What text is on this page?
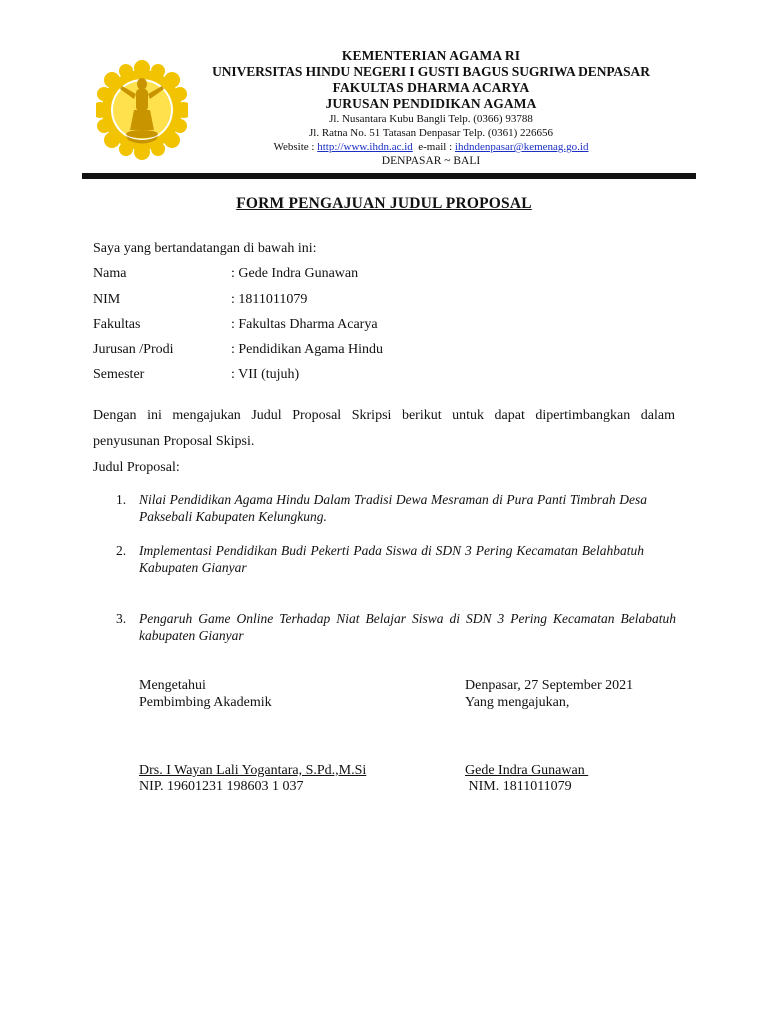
KEMENTERIAN AGAMA RI
UNIVERSITAS HINDU NEGERI I GUSTI BAGUS SUGRIWA DENPASAR
FAKULTAS DHARMA ACARYA
JURUSAN PENDIDIKAN AGAMA
Jl. Nusantara Kubu Bangli Telp. (0366) 93788
Jl. Ratna No. 51 Tatasan Denpasar Telp. (0361) 226656
Website : http://www.ihdn.ac.id  e-mail : ihdndenpasar@kemenag.go.id
DENPASAR ~ BALI
FORM PENGAJUAN JUDUL PROPOSAL
Saya yang bertandatangan di bawah ini:
Nama	: Gede Indra Gunawan
NIM	: 1811011079
Fakultas	: Fakultas Dharma Acarya
Jurusan /Prodi	: Pendidikan Agama Hindu
Semester	: VII (tujuh)
Dengan ini mengajukan Judul Proposal Skripsi berikut untuk dapat dipertimbangkan dalam penyusunan Proposal Skipsi.
Judul Proposal:
1. Nilai Pendidikan Agama Hindu Dalam Tradisi Dewa Mesraman di Pura Panti Timbrah Desa Paksebali Kabupaten Kelungkung.
2. Implementasi Pendidikan Budi Pekerti Pada Siswa di SDN 3 Pering Kecamatan Belahbatuh Kabupaten Gianyar
3. Pengaruh Game Online Terhadap Niat Belajar Siswa di SDN 3 Pering Kecamatan Belabatuh kabupaten Gianyar
Mengetahui
Pembimbing Akademik
Drs. I Wayan Lali Yogantara, S.Pd.,M.Si
NIP. 19601231 198603 1 037
Denpasar, 27 September 2021
Yang mengajukan,
Gede Indra Gunawan
NIM. 1811011079
